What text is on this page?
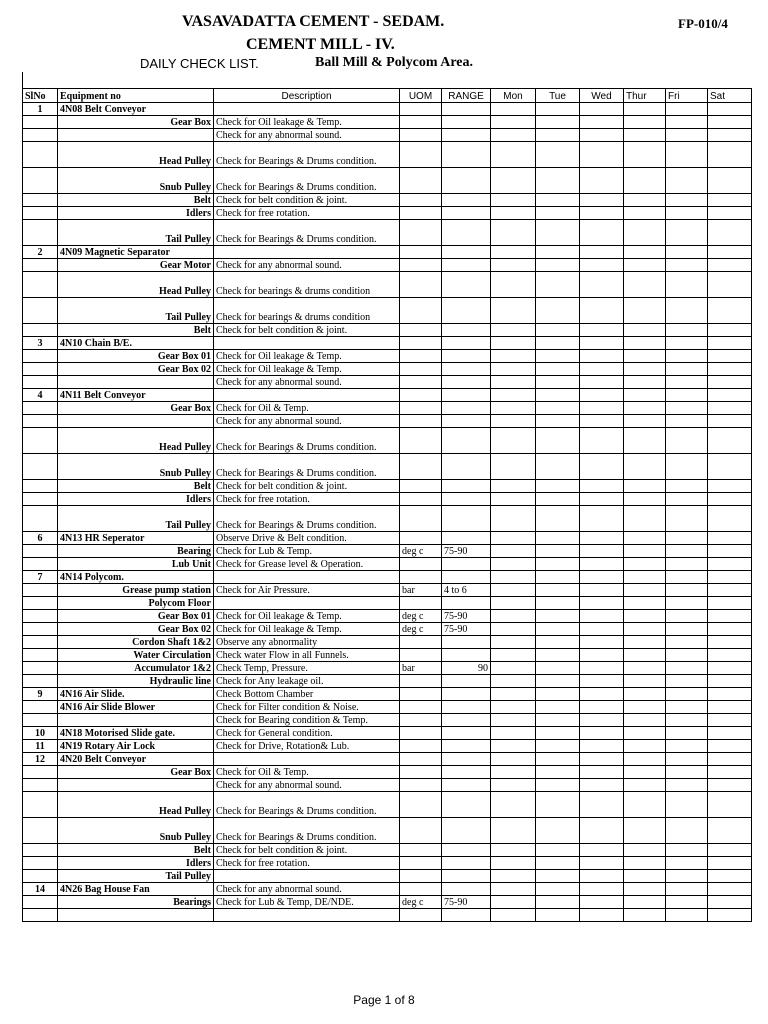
VASAVADATTA CEMENT - SEDAM.	FP-010/4
CEMENT MILL - IV.
DAILY CHECK LIST.	Ball Mill & Polycom Area.
SlNo	Equipment no	Description	UOM	RANGE	Mon	Tue	Wed	Thur	Fri	Sat
1	4N08 Belt Conveyor									
	Gear Box	Check for Oil leakage & Temp.								
		Check for any abnormal sound.								
	Head Pulley	Check for Bearings & Drums condition.								
	Snub Pulley	Check for Bearings & Drums condition.								
	Belt	Check for belt condition & joint.								
	Idlers	Check for free rotation.								
	Tail Pulley	Check for Bearings & Drums condition.								
2	4N09 Magnetic Separator									
	Gear Motor	Check for any abnormal sound.								
	Head Pulley	Check for bearings & drums condition								
	Tail Pulley	Check for bearings & drums condition								
	Belt	Check for belt condition & joint.								
3	4N10 Chain B/E.									
	Gear Box 01	Check for Oil leakage & Temp.								
	Gear Box 02	Check for Oil leakage & Temp.								
		Check for any abnormal sound.								
4	4N11 Belt Conveyor									
	Gear Box	Check for Oil & Temp.								
		Check for any abnormal sound.								
	Head Pulley	Check for Bearings & Drums condition.								
	Snub Pulley	Check for Bearings & Drums condition.								
	Belt	Check for belt condition & joint.								
	Idlers	Check for free rotation.								
	Tail Pulley	Check for Bearings & Drums condition.								
6	4N13 HR Seperator	Observe Drive & Belt condition.								
	Bearing	Check for Lub & Temp.	deg c	75-90						
	Lub Unit	Check for Grease level & Operation.								
7	4N14 Polycom.									
	Grease pump station	Check for Air Pressure.	bar	4 to 6						
	Polycom Floor									
	Gear Box 01	Check for Oil leakage & Temp.	deg c	75-90						
	Gear Box 02	Check for Oil leakage & Temp.	deg c	75-90						
	Cordon Shaft 1&2	Observe any abnormality								
	Water Circulation	Check water Flow in all Funnels.								
	Accumulator 1&2	Check Temp, Pressure.	bar	90						
	Hydraulic line	Check for Any leakage oil.								
9	4N16 Air Slide.	Check Bottom Chamber								
	4N16 Air Slide Blower	Check for Filter condition & Noise.								
		Check for Bearing condition & Temp.								
10	4N18 Motorised Slide gate.	Check for General condition.								
11	4N19 Rotary Air Lock	Check for Drive, Rotation& Lub.								
12	4N20 Belt Conveyor									
	Gear Box	Check for Oil & Temp.								
		Check for any abnormal sound.								
	Head Pulley	Check for Bearings & Drums condition.								
	Snub Pulley	Check for Bearings & Drums condition.								
	Belt	Check for belt condition & joint.								
	Idlers	Check for free rotation.								
	Tail Pulley									
14	4N26 Bag House Fan	Check for any abnormal sound.								
	Bearings	Check for Lub & Temp, DE/NDE.	deg c	75-90						

Page 1 of 8
